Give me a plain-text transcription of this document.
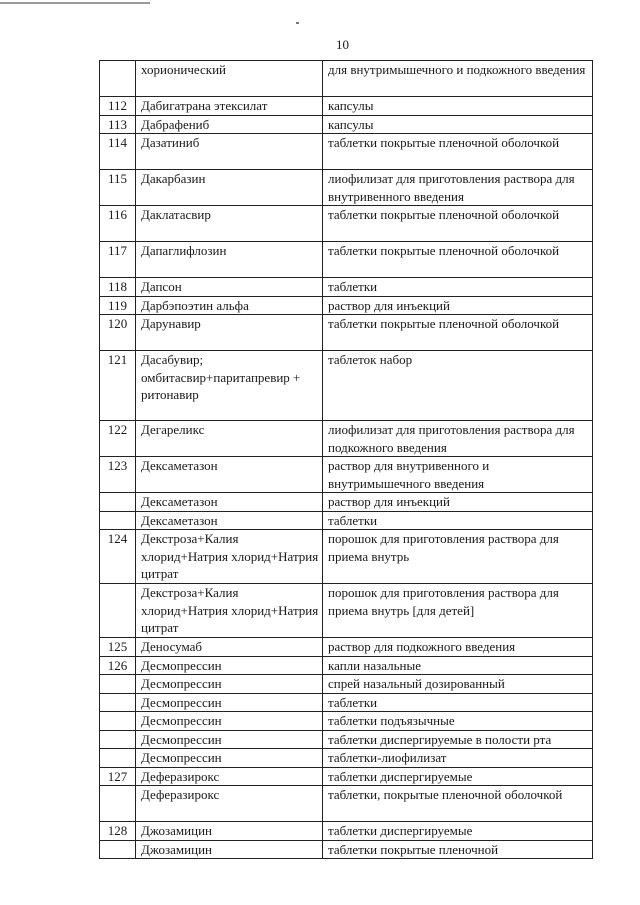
10
	хорионический	для внутримышечного и подкожного введения
112	Дабигатрана этексилат	капсулы
113	Дабрафениб	капсулы
114	Дазатиниб	таблетки покрытые пленочной оболочкой
115	Дакарбазин	лиофилизат для приготовления раствора для внутривенного введения
116	Даклатасвир	таблетки покрытые пленочной оболочкой
117	Дапаглифлозин	таблетки покрытые пленочной оболочкой
118	Дапсон	таблетки
119	Дарбэпоэтин альфа	раствор для инъекций
120	Дарунавир	таблетки покрытые пленочной оболочкой
121	Дасабувир; омбитасвир+паритапревир + ритонавир	таблеток набор
122	Дегареликс	лиофилизат для приготовления раствора для подкожного введения
123	Дексаметазон	раствор для внутривенного и внутримышечного введения
	Дексаметазон	раствор для инъекций
	Дексаметазон	таблетки
124	Декстроза+Калия хлорид+Натрия хлорид+Натрия цитрат	порошок для приготовления раствора для приема внутрь
	Декстроза+Калия хлорид+Натрия хлорид+Натрия цитрат	порошок для приготовления раствора для приема внутрь [для детей]
125	Деносумаб	раствор для подкожного введения
126	Десмопрессин	капли назальные
	Десмопрессин	спрей назальный дозированный
	Десмопрессин	таблетки
	Десмопрессин	таблетки подъязычные
	Десмопрессин	таблетки диспергируемые в полости рта
	Десмопрессин	таблетки-лиофилизат
127	Деферазирокс	таблетки диспергируемые
	Деферазирокс	таблетки, покрытые пленочной оболочкой
128	Джозамицин	таблетки диспергируемые
	Джозамицин	таблетки покрытые пленочной
